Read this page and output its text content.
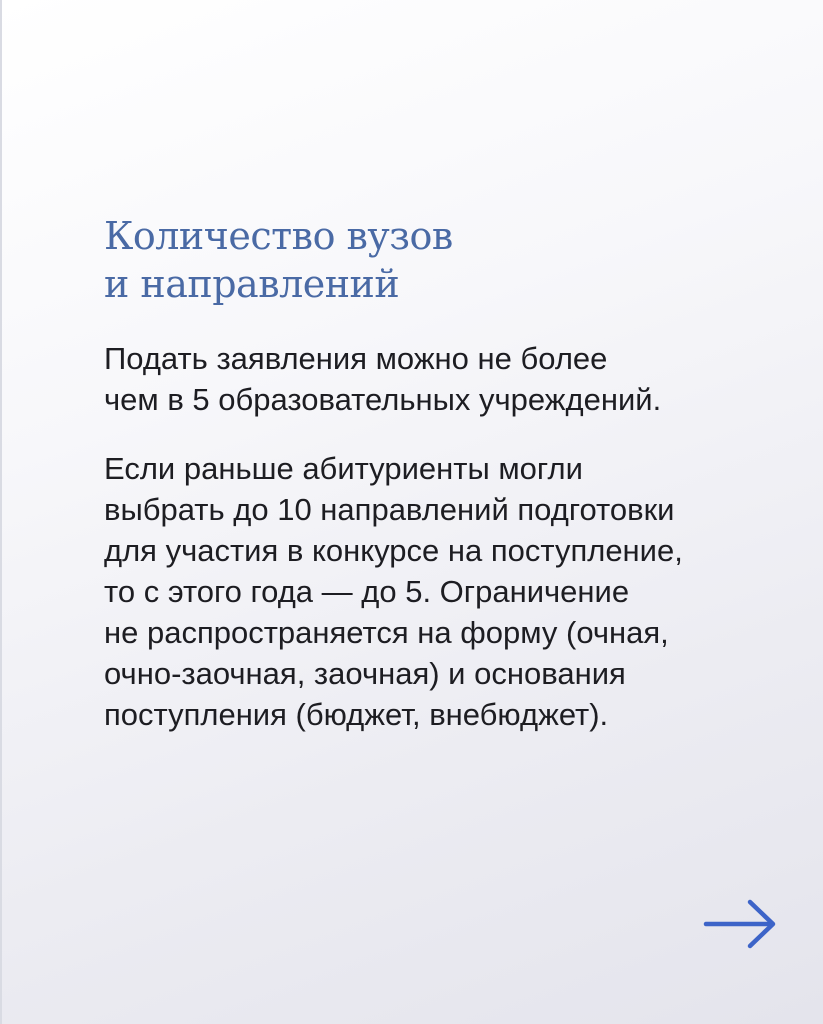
Количество вузов
и направлений

Подать заявления можно не более
чем в 5 образовательных учреждений.

Если раньше абитуриенты могли
выбрать до 10 направлений подготовки
для участия в конкурсе на поступление,
то с этого года — до 5. Ограничение
не распространяется на форму (очная,
очно-заочная, заочная) и основания
поступления (бюджет, внебюджет).
